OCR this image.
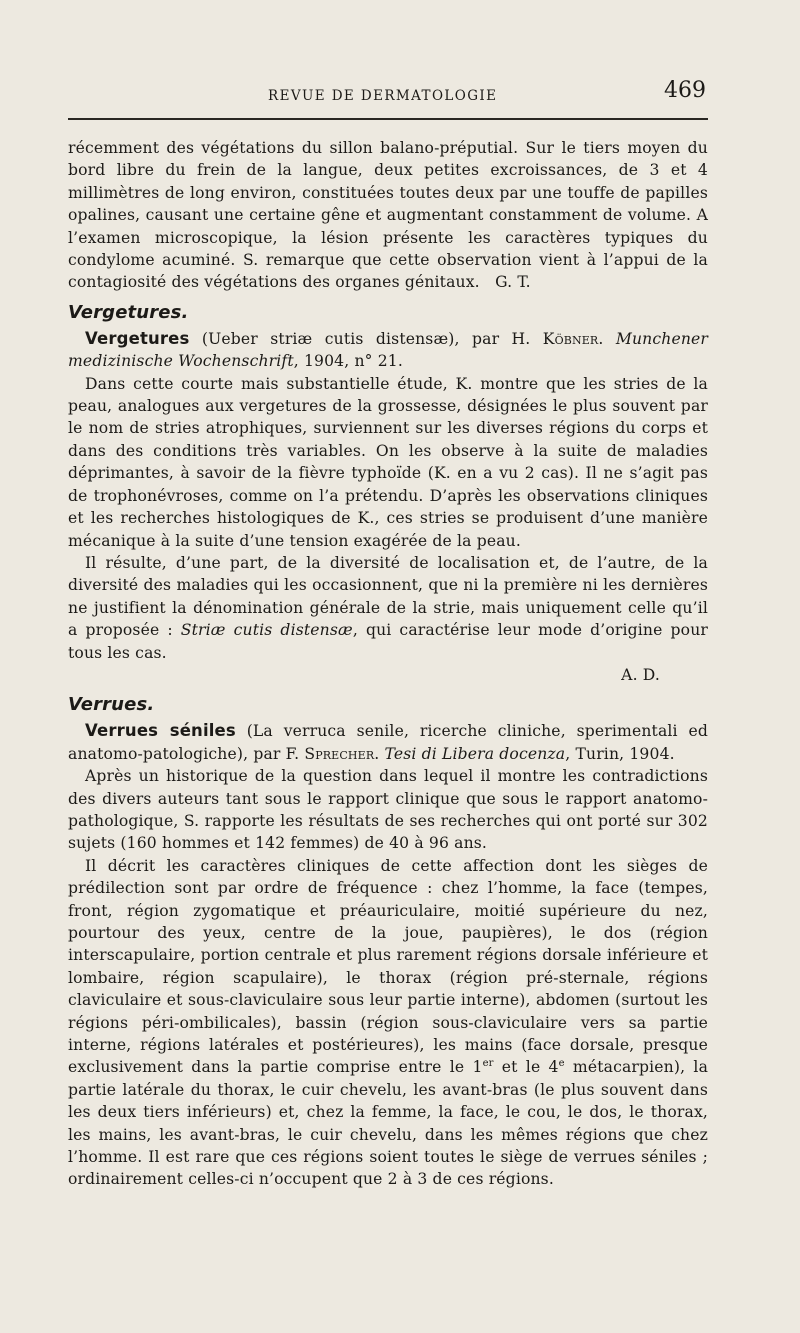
REVUE DE DERMATOLOGIE	469

récemment des végétations du sillon balano-préputial. Sur le tiers moyen du bord libre du frein de la langue, deux petites excroissances, de 3 et 4 millimètres de long environ, constituées toutes deux par une touffe de papilles opalines, causant une certaine gêne et augmentant constamment de volume. A l’examen microscopique, la lésion présente les caractères typiques du condylome acuminé. S. remarque que cette observation vient à l’appui de la contagiosité des végétations des organes génitaux. G. T.

Vergetures.

Vergetures (Ueber striæ cutis distensæ), par H. Köbner. Munchener medizinische Wochenschrift, 1904, n° 21.

Dans cette courte mais substantielle étude, K. montre que les stries de la peau, analogues aux vergetures de la grossesse, désignées le plus souvent par le nom de stries atrophiques, surviennent sur les diverses régions du corps et dans des conditions très variables. On les observe à la suite de maladies déprimantes, à savoir de la fièvre typhoïde (K. en a vu 2 cas). Il ne s’agit pas de trophonévroses, comme on l’a prétendu. D’après les observations cliniques et les recherches histologiques de K., ces stries se produisent d’une manière mécanique à la suite d’une tension exagérée de la peau.

Il résulte, d’une part, de la diversité de localisation et, de l’autre, de la diversité des maladies qui les occasionnent, que ni la première ni les dernières ne justifient la dénomination générale de la strie, mais uniquement celle qu’il a proposée : Striæ cutis distensæ, qui caractérise leur mode d’origine pour tous les cas.

A. D.
Verrues.

Verrues séniles (La verruca senile, ricerche cliniche, sperimentali ed anatomo-patologiche), par F. Sprecher. Tesi di Libera docenza, Turin, 1904.

Après un historique de la question dans lequel il montre les contradictions des divers auteurs tant sous le rapport clinique que sous le rapport anatomo-pathologique, S. rapporte les résultats de ses recherches qui ont porté sur 302 sujets (160 hommes et 142 femmes) de 40 à 96 ans.

Il décrit les caractères cliniques de cette affection dont les sièges de prédilection sont par ordre de fréquence : chez l’homme, la face (tempes, front, région zygomatique et préauriculaire, moitié supérieure du nez, pourtour des yeux, centre de la joue, paupières), le dos (région interscapulaire, portion centrale et plus rarement régions dorsale inférieure et lombaire, région scapulaire), le thorax (région pré-sternale, régions claviculaire et sous-claviculaire sous leur partie interne), abdomen (surtout les régions péri-ombilicales), bassin (région sous-claviculaire vers sa partie interne, régions latérales et postérieures), les mains (face dorsale, presque exclusivement dans la partie comprise entre le 1er et le 4e métacarpien), la partie latérale du thorax, le cuir chevelu, les avant-bras (le plus souvent dans les deux tiers inférieurs) et, chez la femme, la face, le cou, le dos, le thorax, les mains, les avant-bras, le cuir chevelu, dans les mêmes régions que chez l’homme. Il est rare que ces régions soient toutes le siège de verrues séniles ; ordinairement celles-ci n’occupent que 2 à 3 de ces régions.
